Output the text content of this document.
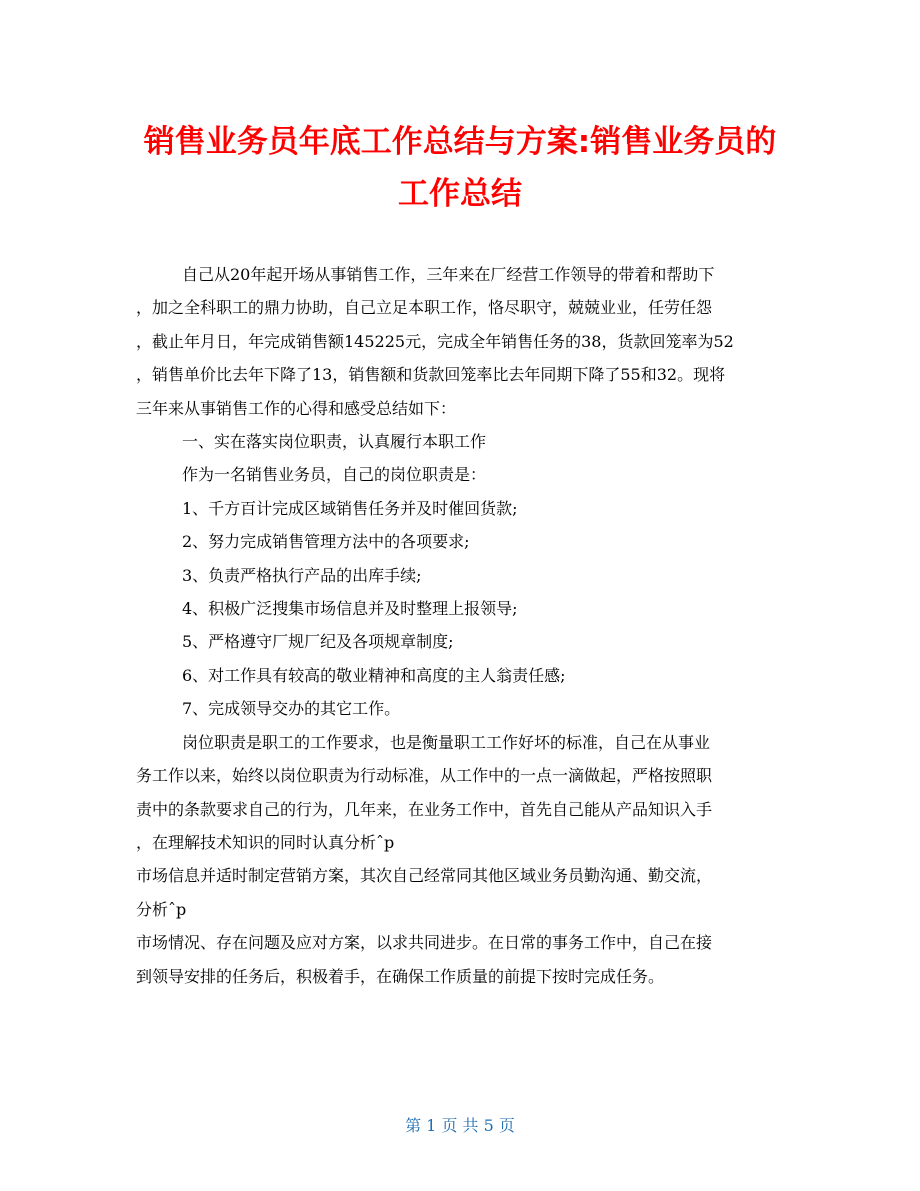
销售业务员年底工作总结与方案:销售业务员的
工作总结

自己从20年起开场从事销售工作，三年来在厂经营工作领导的带着和帮助下
，加之全科职工的鼎力协助，自己立足本职工作，恪尽职守，兢兢业业，任劳任怨
，截止年月日，年完成销售额145225元，完成全年销售任务的38，货款回笼率为52
，销售单价比去年下降了13，销售额和货款回笼率比去年同期下降了55和32。现将
三年来从事销售工作的心得和感受总结如下：

一、实在落实岗位职责，认真履行本职工作

作为一名销售业务员，自己的岗位职责是：

1、千方百计完成区域销售任务并及时催回货款;

2、努力完成销售管理方法中的各项要求;

3、负责严格执行产品的出库手续;

4、积极广泛搜集市场信息并及时整理上报领导;

5、严格遵守厂规厂纪及各项规章制度;

6、对工作具有较高的敬业精神和高度的主人翁责任感;

7、完成领导交办的其它工作。

岗位职责是职工的工作要求，也是衡量职工工作好坏的标准，自己在从事业
务工作以来，始终以岗位职责为行动标准，从工作中的一点一滴做起，严格按照职
责中的条款要求自己的行为，几年来，在业务工作中，首先自己能从产品知识入手
，在理解技术知识的同时认真分析ˆp

市场信息并适时制定营销方案，其次自己经常同其他区域业务员勤沟通、勤交流，
分析ˆp

市场情况、存在问题及应对方案，以求共同进步。在日常的事务工作中，自己在接
到领导安排的任务后，积极着手，在确保工作质量的前提下按时完成任务。

第 1 页 共 5 页
